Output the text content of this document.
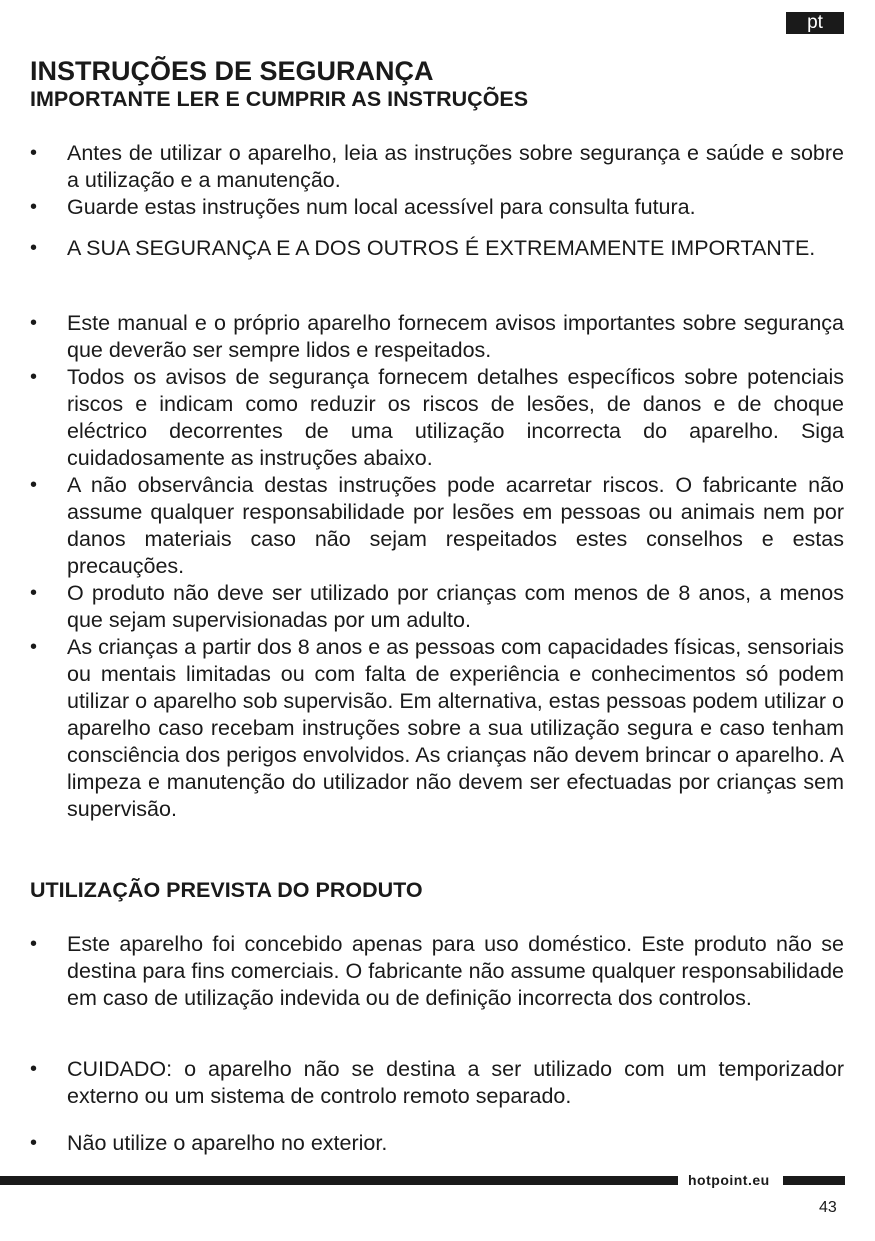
pt
INSTRUÇÕES DE SEGURANÇA
IMPORTANTE LER E CUMPRIR AS INSTRUÇÕES
• Antes de utilizar o aparelho, leia as instruções sobre segurança e saúde e sobre a utilização e a manutenção.
• Guarde estas instruções num local acessível para consulta futura.
• A SUA SEGURANÇA E A DOS OUTROS É EXTREMAMENTE IMPORTANTE.
• Este manual e o próprio aparelho fornecem avisos importantes sobre segurança que deverão ser sempre lidos e respeitados.
• Todos os avisos de segurança fornecem detalhes específicos sobre potenciais riscos e indicam como reduzir os riscos de lesões, de danos e de choque eléctrico decorrentes de uma utilização incorrecta do aparelho. Siga cuidadosamente as instruções abaixo.
• A não observância destas instruções pode acarretar riscos. O fabricante não assume qualquer responsabilidade por lesões em pessoas ou animais nem por danos materiais caso não sejam respeitados estes conselhos e estas precauções.
• O produto não deve ser utilizado por crianças com menos de 8 anos, a menos que sejam supervisionadas por um adulto.
• As crianças a partir dos 8 anos e as pessoas com capacidades físicas, sensoriais ou mentais limitadas ou com falta de experiência e conhecimentos só podem utilizar o aparelho sob supervisão. Em alternativa, estas pessoas podem utilizar o aparelho caso recebam instruções sobre a sua utilização segura e caso tenham consciência dos perigos envolvidos. As crianças não devem brincar o aparelho. A limpeza e manutenção do utilizador não devem ser efectuadas por crianças sem supervisão.
UTILIZAÇÃO PREVISTA DO PRODUTO
• Este aparelho foi concebido apenas para uso doméstico. Este produto não se destina para fins comerciais. O fabricante não assume qualquer responsabilidade em caso de utilização indevida ou de definição incorrecta dos controlos.
• CUIDADO: o aparelho não se destina a ser utilizado com um temporizador externo ou um sistema de controlo remoto separado.
• Não utilize o aparelho no exterior.
hotpoint.eu
43
